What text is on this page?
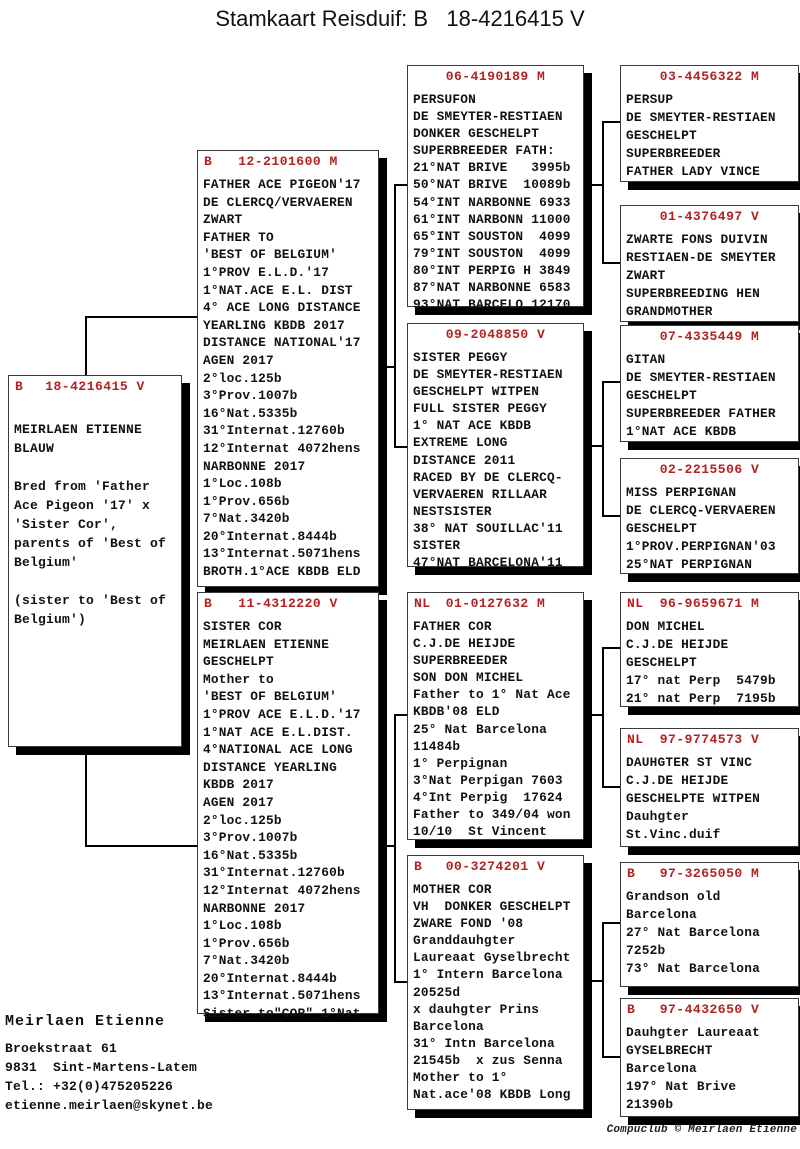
Stamkaart Reisduif: B   18-4216415 V
B	18-4216415 V

MEIRLAEN ETIENNE
BLAUW

Bred from 'Father
Ace Pigeon '17' x
'Sister Cor',
parents of 'Best of
Belgium'

(sister to 'Best of
Belgium')
B	12-2101600 M
FATHER ACE PIGEON'17
DE CLERCQ/VERVAEREN
ZWART
FATHER TO
'BEST OF BELGIUM'
1°PROV E.L.D.'17
1°NAT.ACE E.L. DIST
4° ACE LONG DISTANCE
YEARLING KBDB 2017
DISTANCE NATIONAL'17
AGEN 2017
2°loc.125b
3°Prov.1007b
16°Nat.5335b
31°Internat.12760b
12°Internat 4072hens
NARBONNE 2017
1°Loc.108b
1°Prov.656b
7°Nat.3420b
20°Internat.8444b
13°Internat.5071hens
BROTH.1°ACE KBDB ELD
B	11-4312220 V
SISTER COR
MEIRLAEN ETIENNE
GESCHELPT
Mother to
'BEST OF BELGIUM'
1°PROV ACE E.L.D.'17
1°NAT ACE E.L.DIST.
4°NATIONAL ACE LONG
DISTANCE YEARLING
KBDB 2017
AGEN 2017
2°loc.125b
3°Prov.1007b
16°Nat.5335b
31°Internat.12760b
12°Internat 4072hens
NARBONNE 2017
1°Loc.108b
1°Prov.656b
7°Nat.3420b
20°Internat.8444b
13°Internat.5071hens
Sister to"COR" 1°Nat
06-4190189 M
PERSUFON
DE SMEYTER-RESTIAEN
DONKER GESCHELPT
SUPERBREEDER FATH:
21°NAT BRIVE   3995b
50°NAT BRIVE  10089b
54°INT NARBONNE 6933
61°INT NARBONN 11000
65°INT SOUSTON  4099
79°INT SOUSTON  4099
80°INT PERPIG H 3849
87°NAT NARBONNE 6583
93°NAT BARCELO 12170
09-2048850 V
SISTER PEGGY
DE SMEYTER-RESTIAEN
GESCHELPT WITPEN
FULL SISTER PEGGY
1° NAT ACE KBDB
EXTREME LONG
DISTANCE 2011
RACED BY DE CLERCQ-
VERVAEREN RILLAAR
NESTSISTER
38° NAT SOUILLAC'11
SISTER
47°NAT BARCELONA'11
NL	01-0127632 M
FATHER COR
C.J.DE HEIJDE
SUPERBREEDER
SON DON MICHEL
Father to 1° Nat Ace
KBDB'08 ELD
25° Nat Barcelona
11484b
1° Perpignan
3°Nat Perpigan 7603
4°Int Perpig  17624
Father to 349/04 won
10/10  St Vincent
B	00-3274201 V
MOTHER COR
VH  DONKER GESCHELPT
ZWARE FOND '08
Granddauhgter
Laureaat Gyselbrecht
1° Intern Barcelona
20525d
x dauhgter Prins
Barcelona
31° Intn Barcelona
21545b  x zus Senna
Mother to 1°
Nat.ace'08 KBDB Long
03-4456322 M
PERSUP
DE SMEYTER-RESTIAEN
GESCHELPT
SUPERBREEDER
FATHER LADY VINCE
01-4376497 V
ZWARTE FONS DUIVIN
RESTIAEN-DE SMEYTER
ZWART
SUPERBREEDING HEN
GRANDMOTHER
07-4335449 M
GITAN
DE SMEYTER-RESTIAEN
GESCHELPT
SUPERBREEDER FATHER
1°NAT ACE KBDB
02-2215506 V
MISS PERPIGNAN
DE CLERCQ-VERVAEREN
GESCHELPT
1°PROV.PERPIGNAN'03
25°NAT PERPIGNAN
NL	96-9659671 M
DON MICHEL
C.J.DE HEIJDE
GESCHELPT
17° nat Perp  5479b
21° nat Perp  7195b
NL	97-9774573 V
DAUHGTER ST VINC
C.J.DE HEIJDE
GESCHELPTE WITPEN
Dauhgter
St.Vinc.duif
B	97-3265050 M
Grandson old
Barcelona
27° Nat Barcelona
7252b
73° Nat Barcelona
B	97-4432650 V
Dauhgter Laureaat
GYSELBRECHT
Barcelona
197° Nat Brive
21390b
Meirlaen Etienne
Broekstraat 61
9831  Sint-Martens-Latem
Tel.: +32(0)475205226
etienne.meirlaen@skynet.be
Compuclub © Meirlaen Etienne
